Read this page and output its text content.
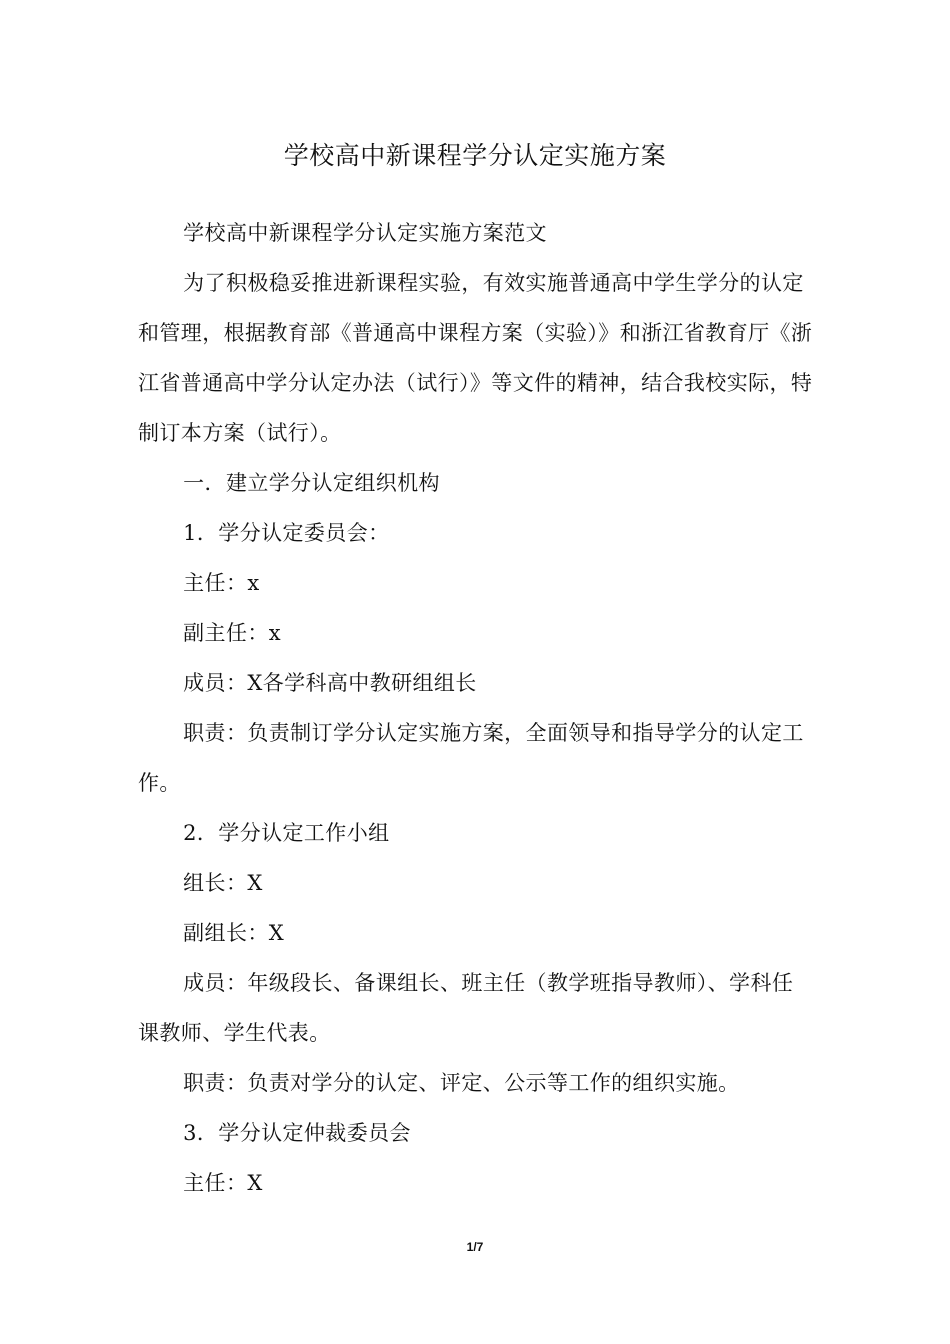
学校高中新课程学分认定实施方案

学校高中新课程学分认定实施方案范文

为了积极稳妥推进新课程实验，有效实施普通高中学生学分的认定和管理，根据教育部《普通高中课程方案（实验）》和浙江省教育厅《浙江省普通高中学分认定办法（试行）》等文件的精神，结合我校实际，特制订本方案（试行）。

一．建立学分认定组织机构

1．学分认定委员会：

主任：x

副主任：x

成员：X各学科高中教研组组长

职责：负责制订学分认定实施方案，全面领导和指导学分的认定工作。

2．学分认定工作小组

组长：X

副组长：X

成员：年级段长、备课组长、班主任（教学班指导教师）、学科任课教师、学生代表。

职责：负责对学分的认定、评定、公示等工作的组织实施。

3．学分认定仲裁委员会

主任：X

1/7
